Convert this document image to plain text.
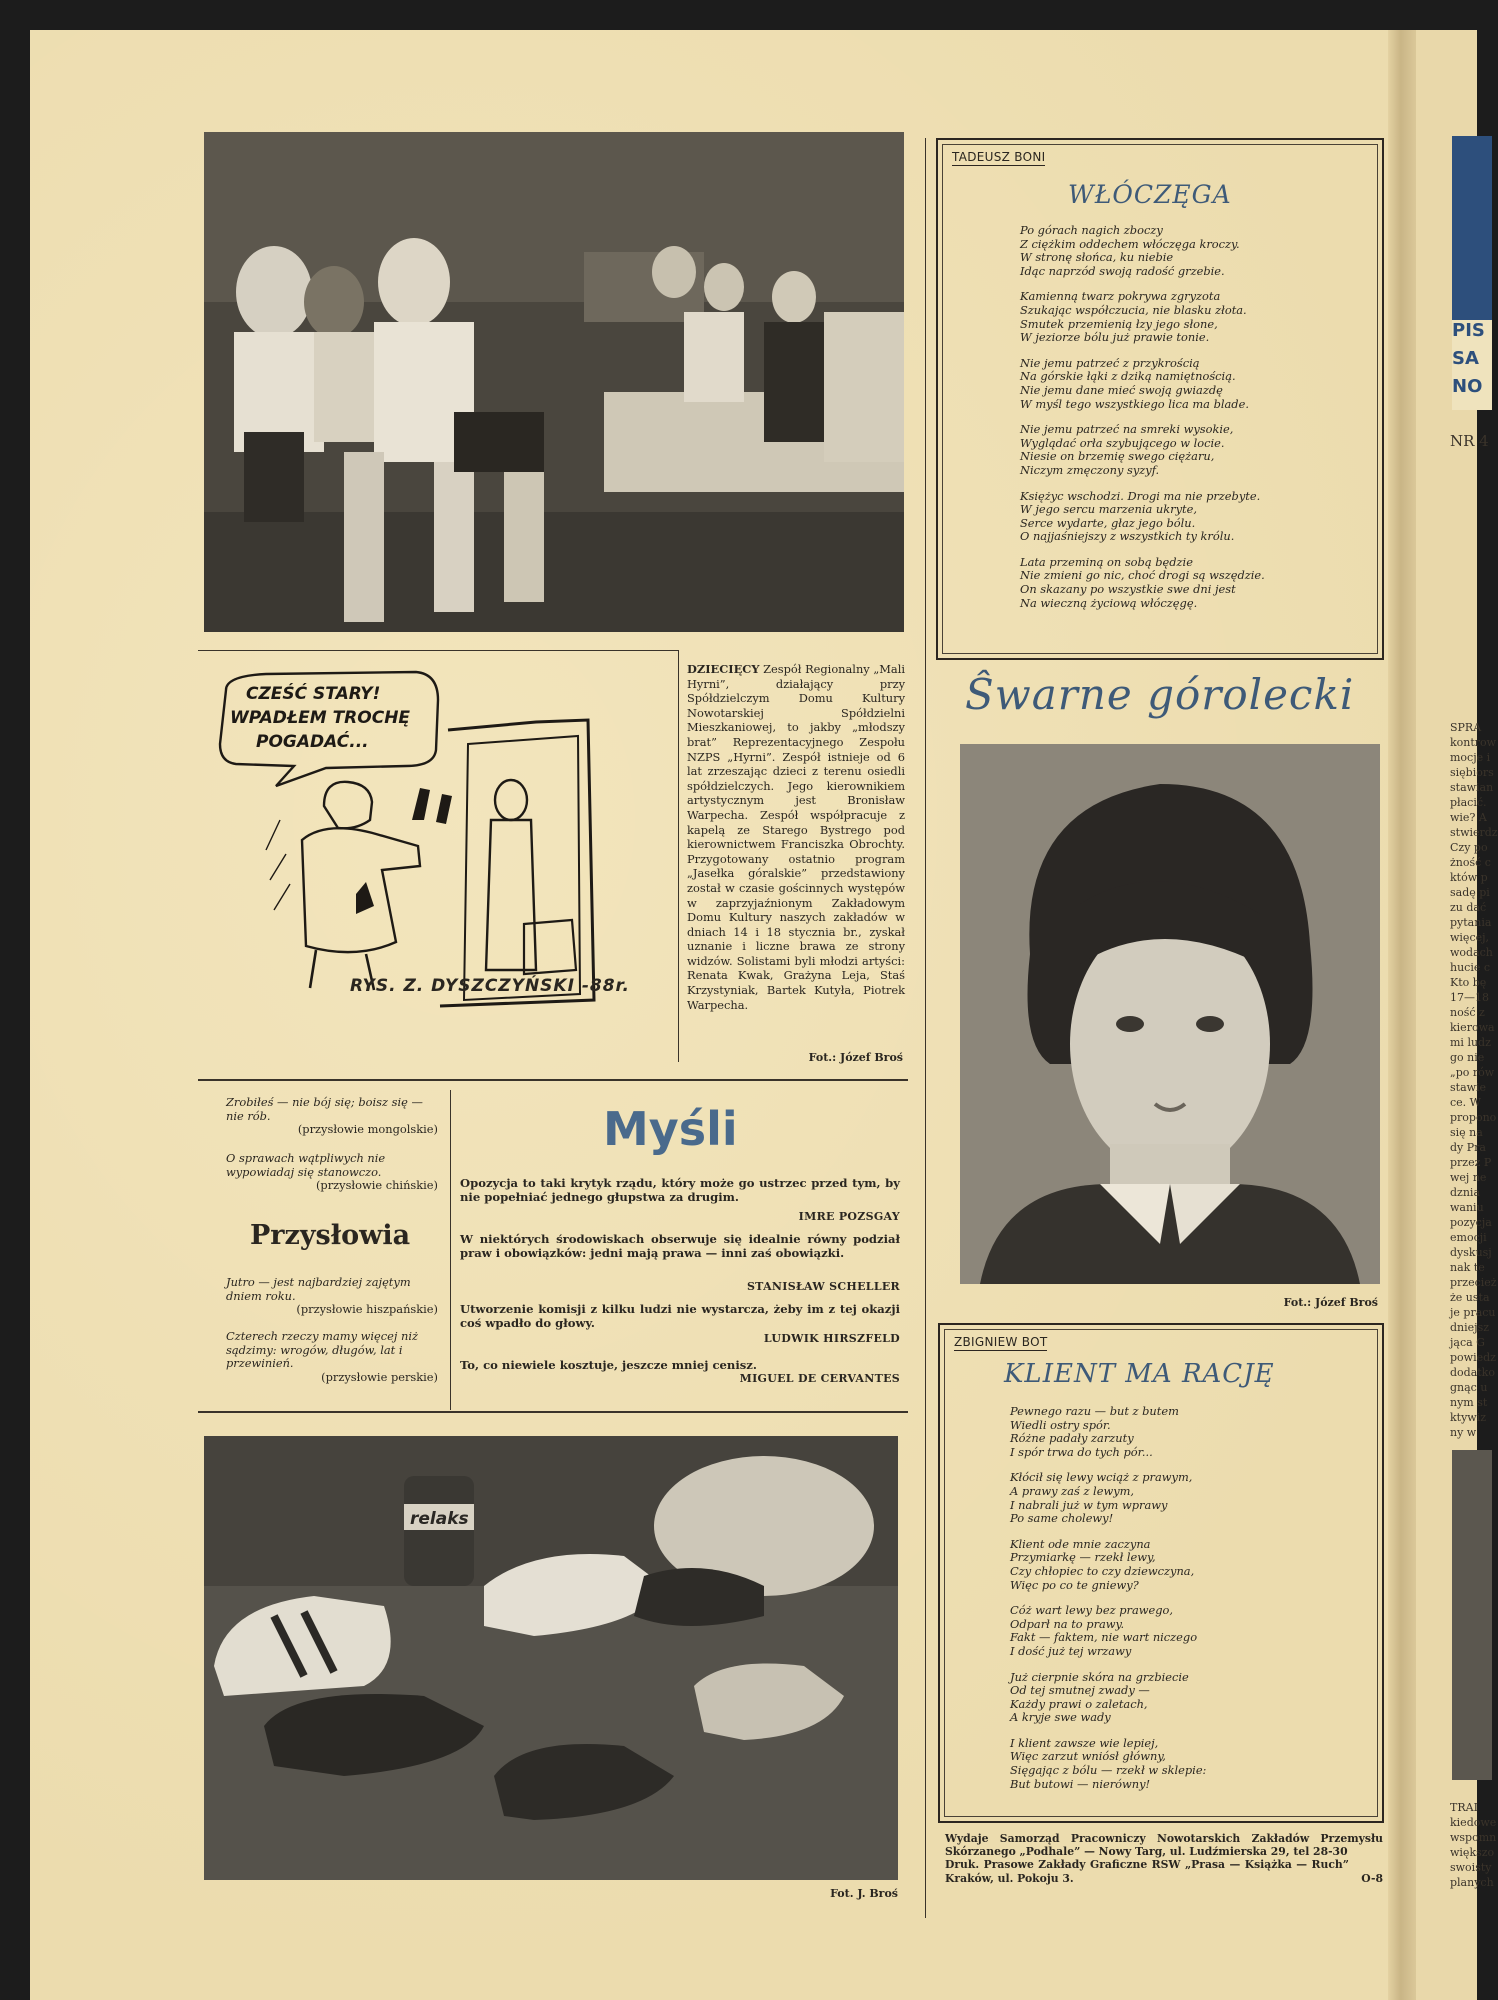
CZEŚĆ STARY!
WPADŁEM TROCHĘ
POGADAĆ...
RYS. Z. DYSZCZYŃSKI -88r.
DZIECIĘCY Zespół Regionalny „Mali Hyrni”, działający przy Spółdzielczym Domu Kultury Nowotarskiej Spółdzielni Mieszkaniowej, to jakby „młodszy brat” Reprezentacyjnego Zespołu NZPS „Hyrni”. Zespół istnieje od 6 lat zrzeszając dzieci z terenu osiedli spółdzielczych. Jego kierownikiem artystycznym jest Bronisław Warpecha. Zespół współpracuje z kapelą ze Starego Bystrego pod kierownictwem Franciszka Obrochty. Przygotowany ostatnio program „Jasełka góralskie” przedstawiony został w czasie gościnnych występów w zaprzyjaźnionym Zakładowym Domu Kultury naszych zakładów w dniach 14 i 18 stycznia br., zyskał uznanie i liczne brawa ze strony widzów. Solistami byli młodzi artyści: Renata Kwak, Grażyna Leja, Staś Krzystyniak, Bartek Kutyła, Piotrek Warpecha.
Fot.: Józef Broś
TADEUSZ BONI
WŁÓCZĘGA
Po górach nagich zboczy
Z ciężkim oddechem włóczęga kroczy.
W stronę słońca, ku niebie
Idąc naprzód swoją radość grzebie.
Kamienną twarz pokrywa zgryzota
Szukając współczucia, nie blasku złota.
Smutek przemienią łzy jego słone,
W jeziorze bólu już prawie tonie.
Nie jemu patrzeć z przykrością
Na górskie łąki z dziką namiętnością.
Nie jemu dane mieć swoją gwiazdę
W myśl tego wszystkiego lica ma blade.
Nie jemu patrzeć na smreki wysokie,
Wyglądać orła szybującego w locie.
Niesie on brzemię swego ciężaru,
Niczym zmęczony syzyf.
Księżyc wschodzi. Drogi ma nie przebyte.
W jego sercu marzenia ukryte,
Serce wydarte, głaz jego bólu.
O najjaśniejszy z wszystkich ty królu.
Lata przeminą on sobą będzie
Nie zmieni go nic, choć drogi są wszędzie.
On skazany po wszystkie swe dni jest
Na wieczną życiową włóczęgę.
Ŝwarne górolecki
Fot.: Józef Broś
ZBIGNIEW BOT
KLIENT MA RACJĘ
Pewnego razu — but z butem
Wiedli ostry spór.
Różne padały zarzuty
I spór trwa do tych pór...
Kłócił się lewy wciąż z prawym,
A prawy zaś z lewym,
I nabrali już w tym wprawy
Po same cholewy!
Klient ode mnie zaczyna
Przymiarkę — rzekł lewy,
Czy chłopiec to czy dziewczyna,
Więc po co te gniewy?
Cóż wart lewy bez prawego,
Odparł na to prawy.
Fakt — faktem, nie wart niczego
I dość już tej wrzawy
Już cierpnie skóra na grzbiecie
Od tej smutnej zwady —
Każdy prawi o zaletach,
A kryje swe wady
I klient zawsze wie lepiej,
Więc zarzut wniósł główny,
Sięgając z bólu — rzekł w sklepie:
But butowi — nierówny!
Zrobiłeś — nie bój się; boisz się — nie rób.
(przysłowie mongolskie)
O sprawach wątpliwych nie wypowiadaj się stanowczo.
(przysłowie chińskie)
Przysłowia
Jutro — jest najbardziej zajętym dniem roku.
(przysłowie hiszpańskie)
Czterech rzeczy mamy więcej niż sądzimy: wrogów, długów, lat i przewinień.
(przysłowie perskie)
Myśli
Opozycja to taki krytyk rządu, który może go ustrzec przed tym, by nie popełniać jednego głupstwa za drugim.
IMRE POZSGAY
W niektórych środowiskach obserwuje się idealnie równy podział praw i obowiązków: jedni mają prawa — inni zaś obowiązki.
STANISŁAW SCHELLER
Utworzenie komisji z kilku ludzi nie wystarcza, żeby im z tej okazji coś wpadło do głowy.
LUDWIK HIRSZFELD
To, co niewiele kosztuje, jeszcze mniej cenisz.
MIGUEL DE CERVANTES
relaks
Fot. J. Broś
Wydaje Samorząd Pracowniczy Nowotarskich Zakładów Przemysłu Skórzanego „Podhale” — Nowy Targ, ul. Ludźmierska 29, tel 28-30
Druk. Prasowe Zakłady Graficzne RSW „Prasa — Książka — Ruch” Kraków, ul. Pokoju 3.	O-8
PIS
SA
NO
NR 4
SPRA
kontrow
mocje i
siębiors
stawian
płacić.
wie? A
stwierdz
Czy po
żność c
któw p
sadę pi
zu dać
pytania
więcej,
wodach
hucie c
Kto bę
17—18
ność z
kierowa
mi ludz
go nie
„po rów
stawie
ce. W
propono
się na
dy Pra
przez P
wej ne
dznia
waniu
pozycja
emocji
dyskusj
nak te
przecież
że usta
je pracu
dniejsz
jąca G
powiedz
dodatko
gnąc u
nym st
ktywiz
ny w
TRAI
kiedowe
wspomn
większo
swoisty
planych
